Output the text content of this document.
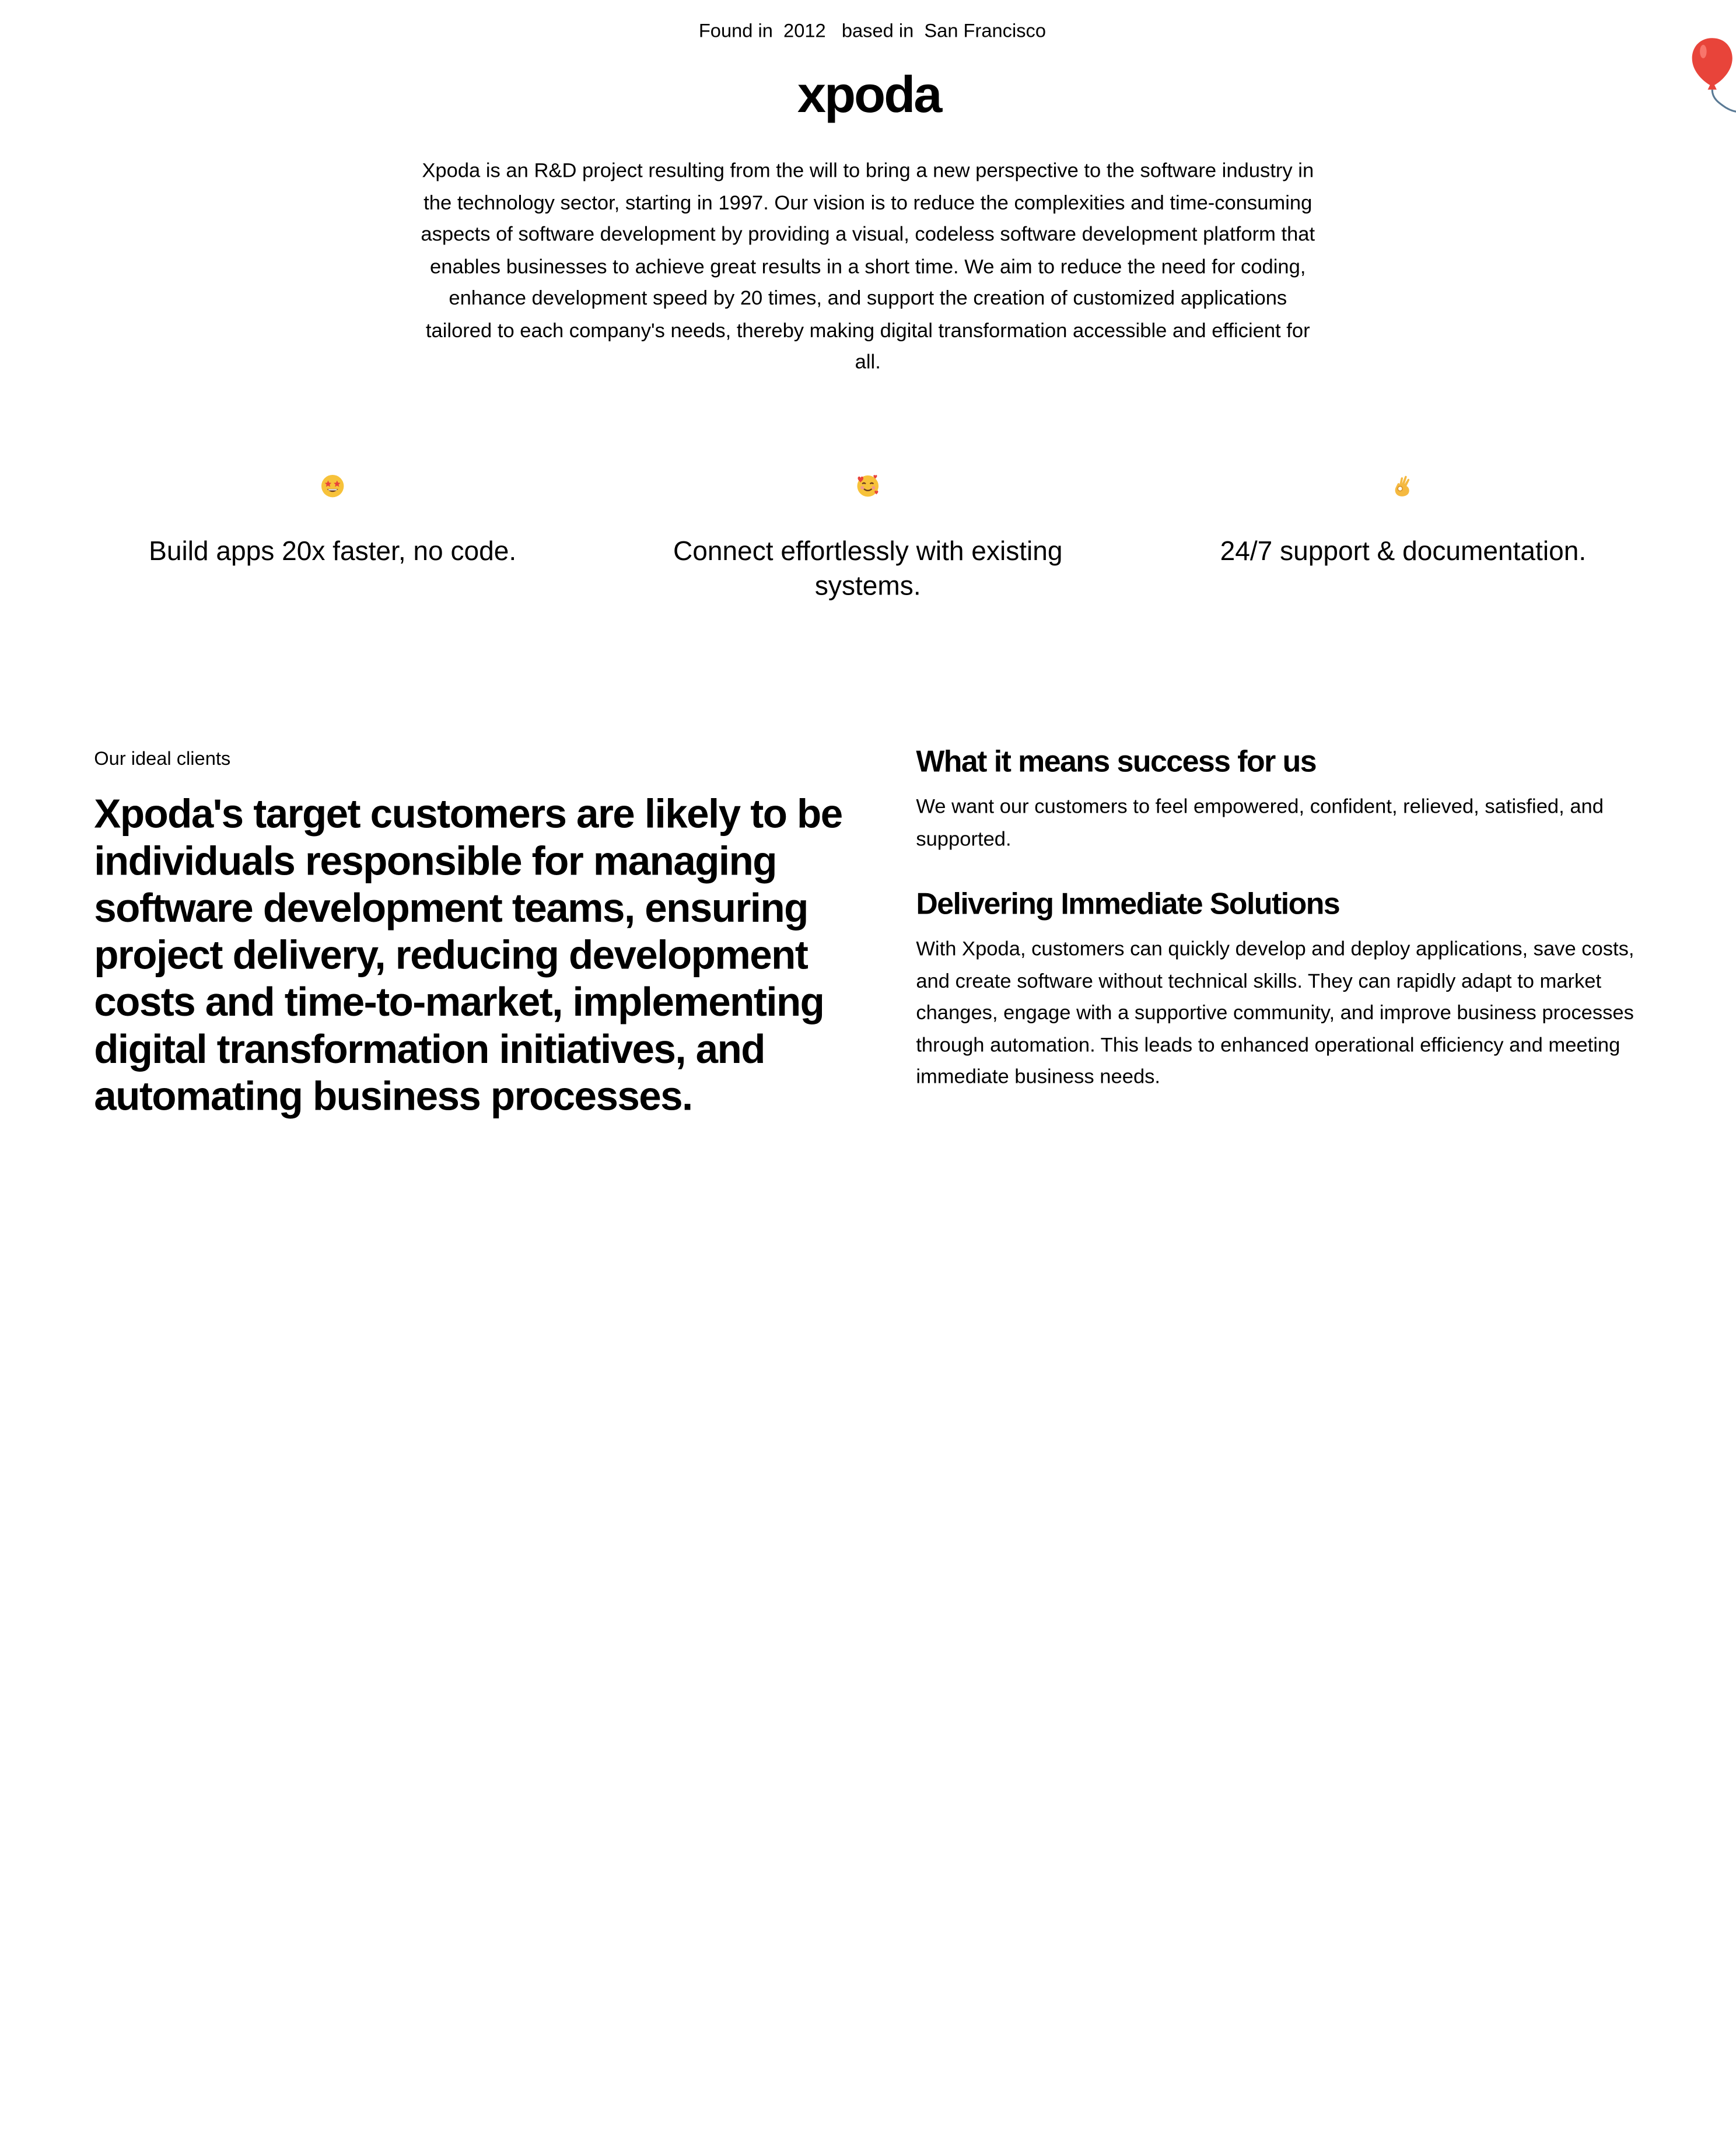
Found in 2012 based in San Francisco
xpoda
Xpoda is an R&D project resulting from the will to bring a new perspective to the software industry in the technology sector, starting in 1997. Our vision is to reduce the complexities and time-consuming aspects of software development by providing a visual, codeless software development platform that enables businesses to achieve great results in a short time. We aim to reduce the need for coding, enhance development speed by 20 times, and support the creation of customized applications tailored to each company's needs, thereby making digital transformation accessible and efficient for all.
Build apps 20x faster, no code.	Connect effortlessly with existing systems.
24/7 support & documentation.
Our ideal clients
Xpoda's target customers are likely to be individuals responsible for managing software development teams, ensuring project delivery, reducing development costs and time-to-market, implementing digital transformation initiatives, and automating business processes.
What it means success for us

We want our customers to feel empowered, confident, relieved, satisfied, and supported.

Delivering Immediate Solutions

With Xpoda, customers can quickly develop and deploy applications, save costs, and create software without technical skills. They can rapidly adapt to market changes, engage with a supportive community, and improve business processes through automation. This leads to enhanced operational efficiency and meeting immediate business needs.
